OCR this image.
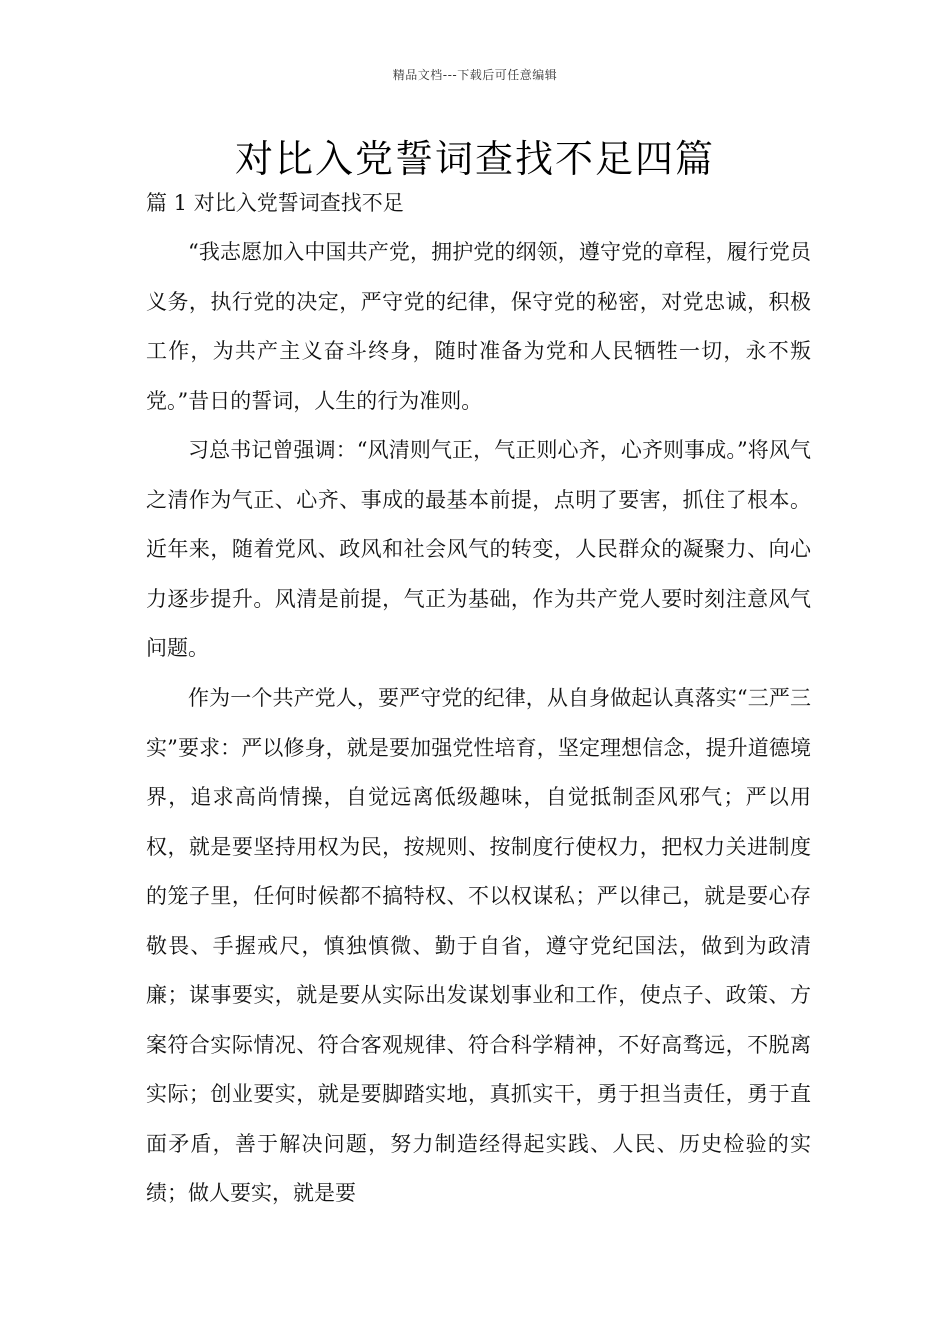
精品文档---下载后可任意编辑
对比入党誓词查找不足四篇
篇 1 对比入党誓词查找不足

“我志愿加入中国共产党，拥护党的纲领，遵守党的章程，履行党员义务，执行党的决定，严守党的纪律，保守党的秘密，对党忠诚，积极工作，为共产主义奋斗终身，随时准备为党和人民牺牲一切，永不叛党。”昔日的誓词，人生的行为准则。

习总书记曾强调：“风清则气正，气正则心齐，心齐则事成。”将风气之清作为气正、心齐、事成的最基本前提，点明了要害，抓住了根本。近年来，随着党风、政风和社会风气的转变，人民群众的凝聚力、向心力逐步提升。风清是前提，气正为基础，作为共产党人要时刻注意风气问题。

作为一个共产党人，要严守党的纪律，从自身做起认真落实“三严三实”要求：严以修身，就是要加强党性培育，坚定理想信念，提升道德境界，追求高尚情操，自觉远离低级趣味，自觉抵制歪风邪气；严以用权，就是要坚持用权为民，按规则、按制度行使权力，把权力关进制度的笼子里，任何时候都不搞特权、不以权谋私；严以律己，就是要心存敬畏、手握戒尺，慎独慎微、勤于自省，遵守党纪国法，做到为政清廉；谋事要实，就是要从实际出发谋划事业和工作，使点子、政策、方案符合实际情况、符合客观规律、符合科学精神，不好高骛远，不脱离实际；创业要实，就是要脚踏实地，真抓实干，勇于担当责任，勇于直面矛盾，善于解决问题，努力制造经得起实践、人民、历史检验的实绩；做人要实，就是要
